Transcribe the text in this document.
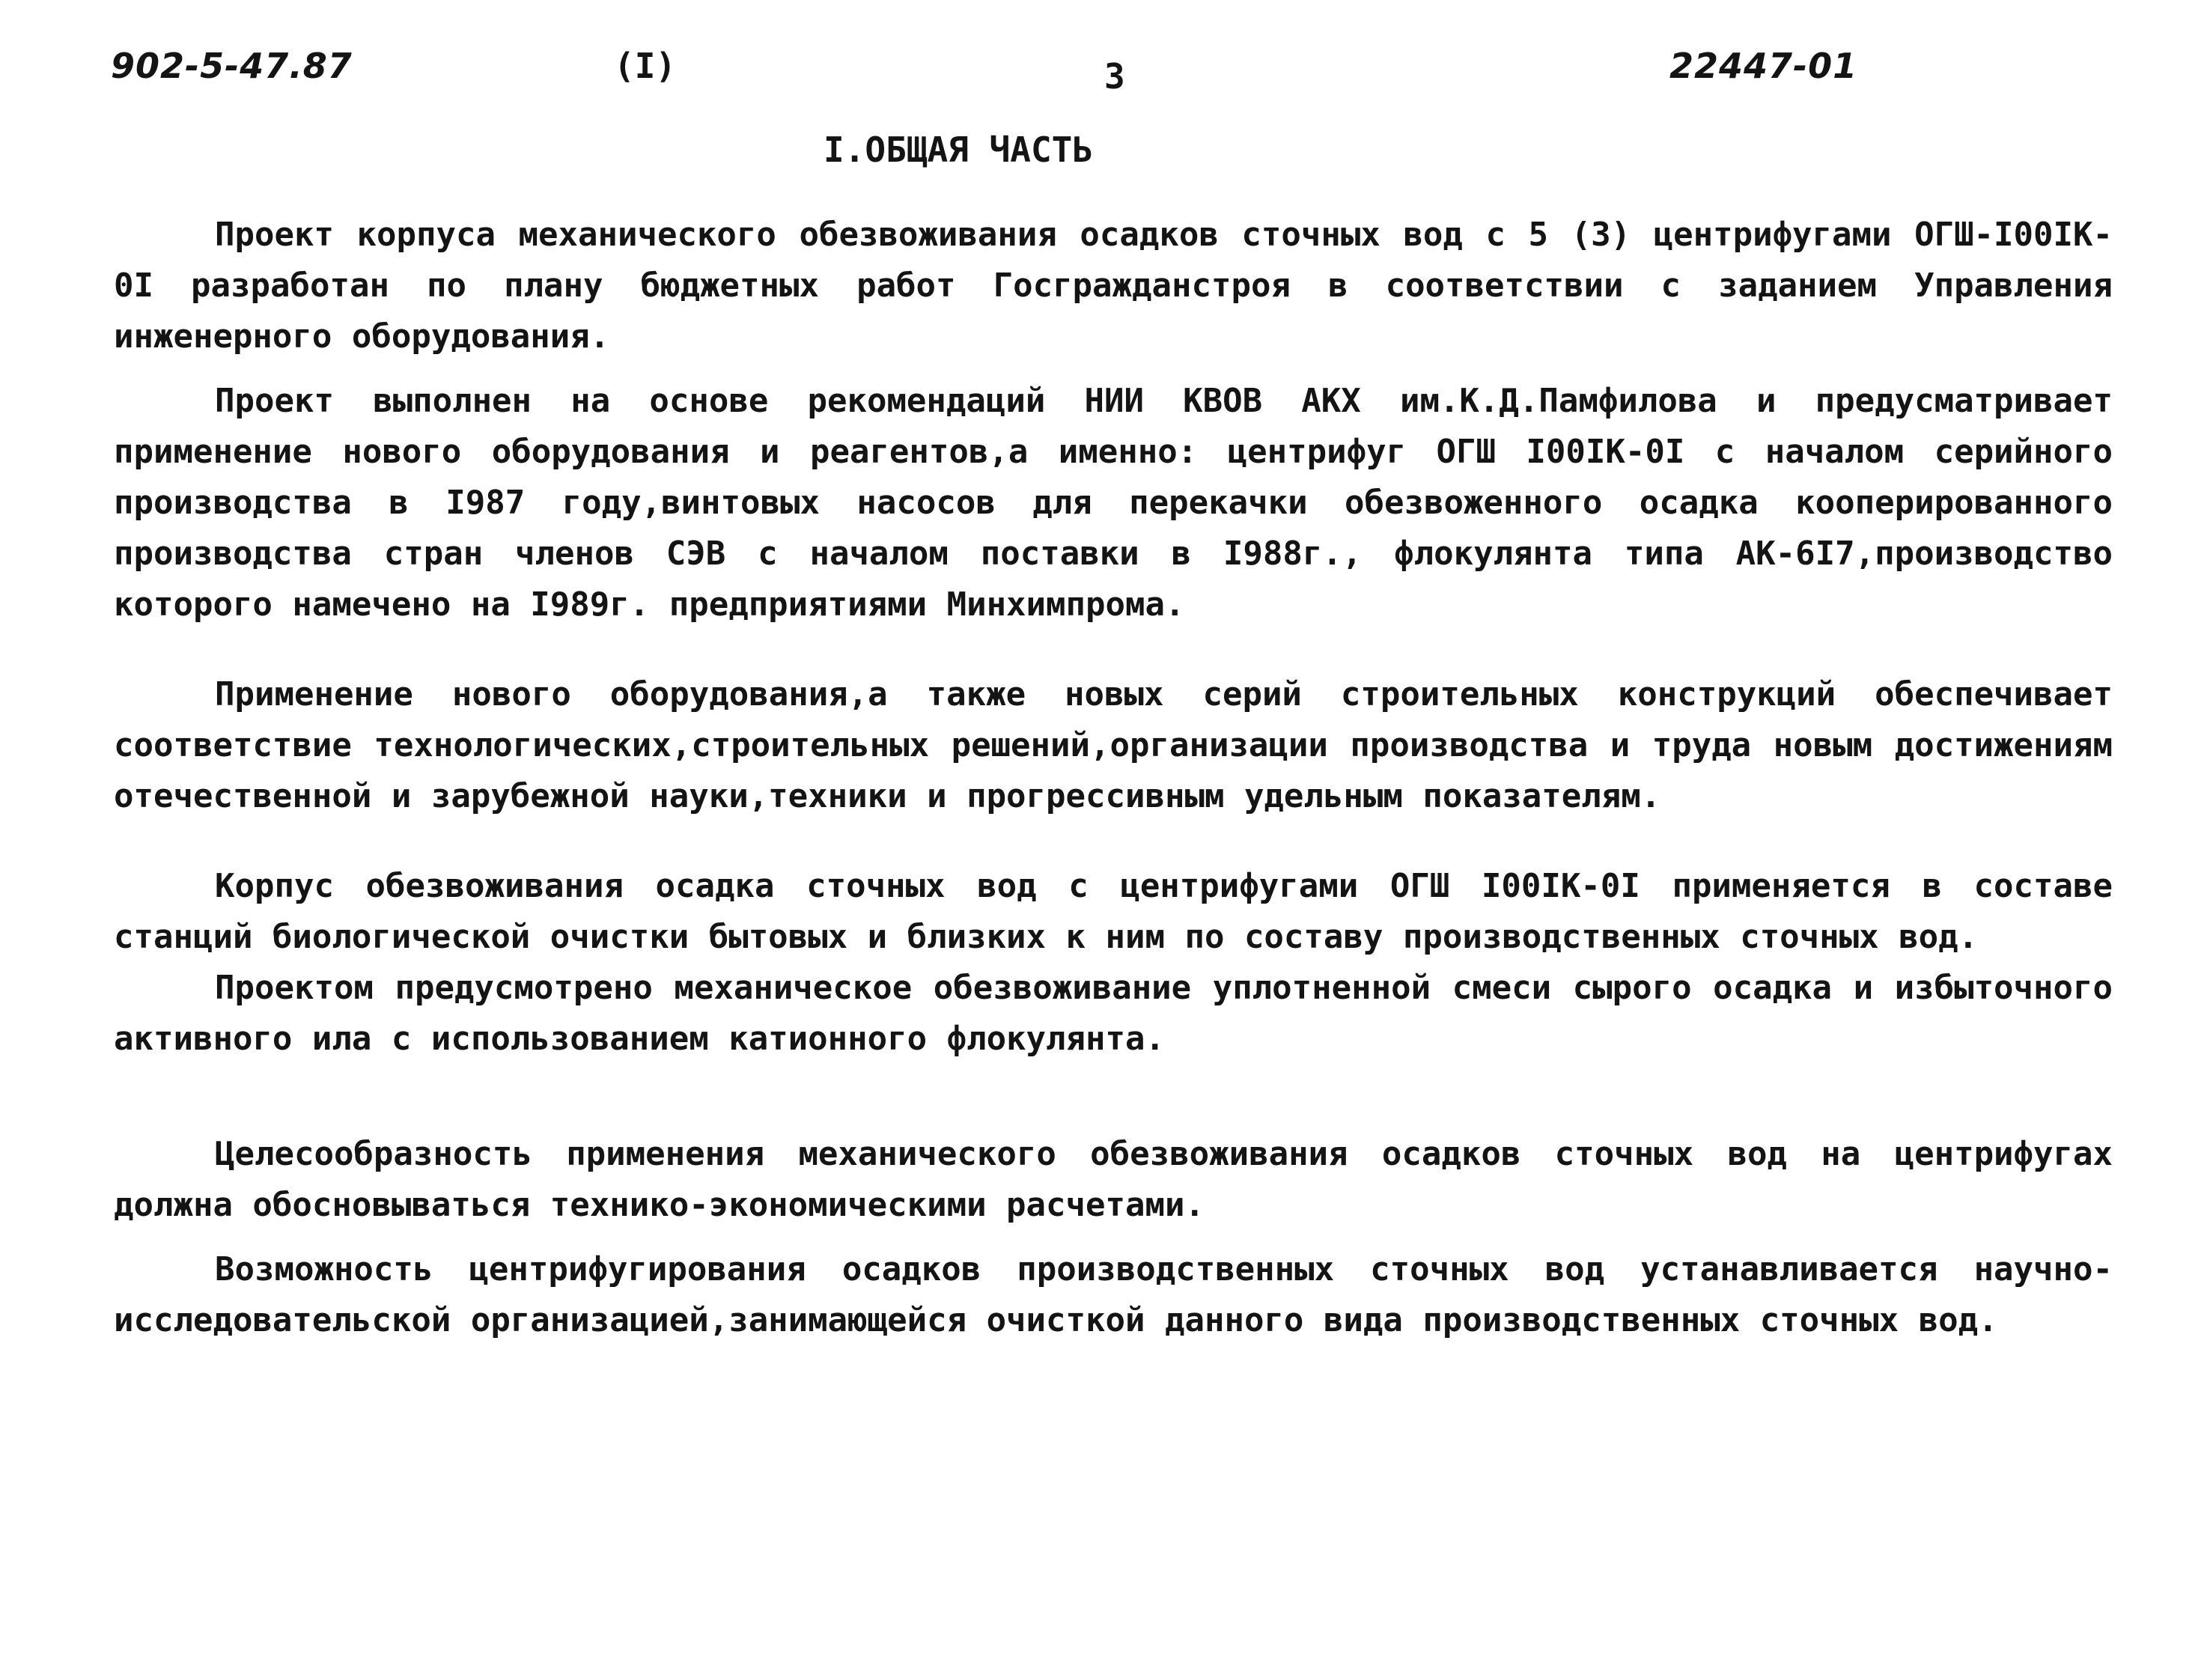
902-5-47.87	(I)	3	22447-01
I.ОБЩАЯ ЧАСТЬ

Проект корпуса механического обезвоживания осадков сточных вод с 5 (3) центрифугами ОГШ-I00IK-0I разработан по плану бюджетных работ Госгражданстроя в соответствии с заданием Управления инженерного оборудования.

Проект выполнен на основе рекомендаций НИИ КВОВ АКХ им.К.Д.Памфилова и предусматривает применение нового оборудования и реагентов,а именно: центрифуг ОГШ I00IK-0I с началом серийного производства в I987 году,винтовых насосов для перекачки обезвоженного осадка кооперированного производства стран членов СЭВ с началом поставки в I988г., флокулянта типа АК-6I7,производство которого намечено на I989г. предприятиями Минхимпрома.

Применение нового оборудования,а также новых серий строительных конструкций обеспечивает соответствие технологических,строительных решений,организации производства и труда новым достижениям отечественной и зарубежной науки,техники и прогрессивным удельным показателям.

Корпус обезвоживания осадка сточных вод с центрифугами ОГШ I00IK-0I применяется в составе станций биологической очистки бытовых и близких к ним по составу производственных сточных вод.

Проектом предусмотрено механическое обезвоживание уплотненной смеси сырого осадка и избыточного активного ила с использованием катионного флокулянта.

Целесообразность применения механического обезвоживания осадков сточных вод на центрифугах должна обосновываться технико-экономическими расчетами.

Возможность центрифугирования осадков производственных сточных вод устанавливается научно-исследовательской организацией,занимающейся очисткой данного вида производственных сточных вод.
